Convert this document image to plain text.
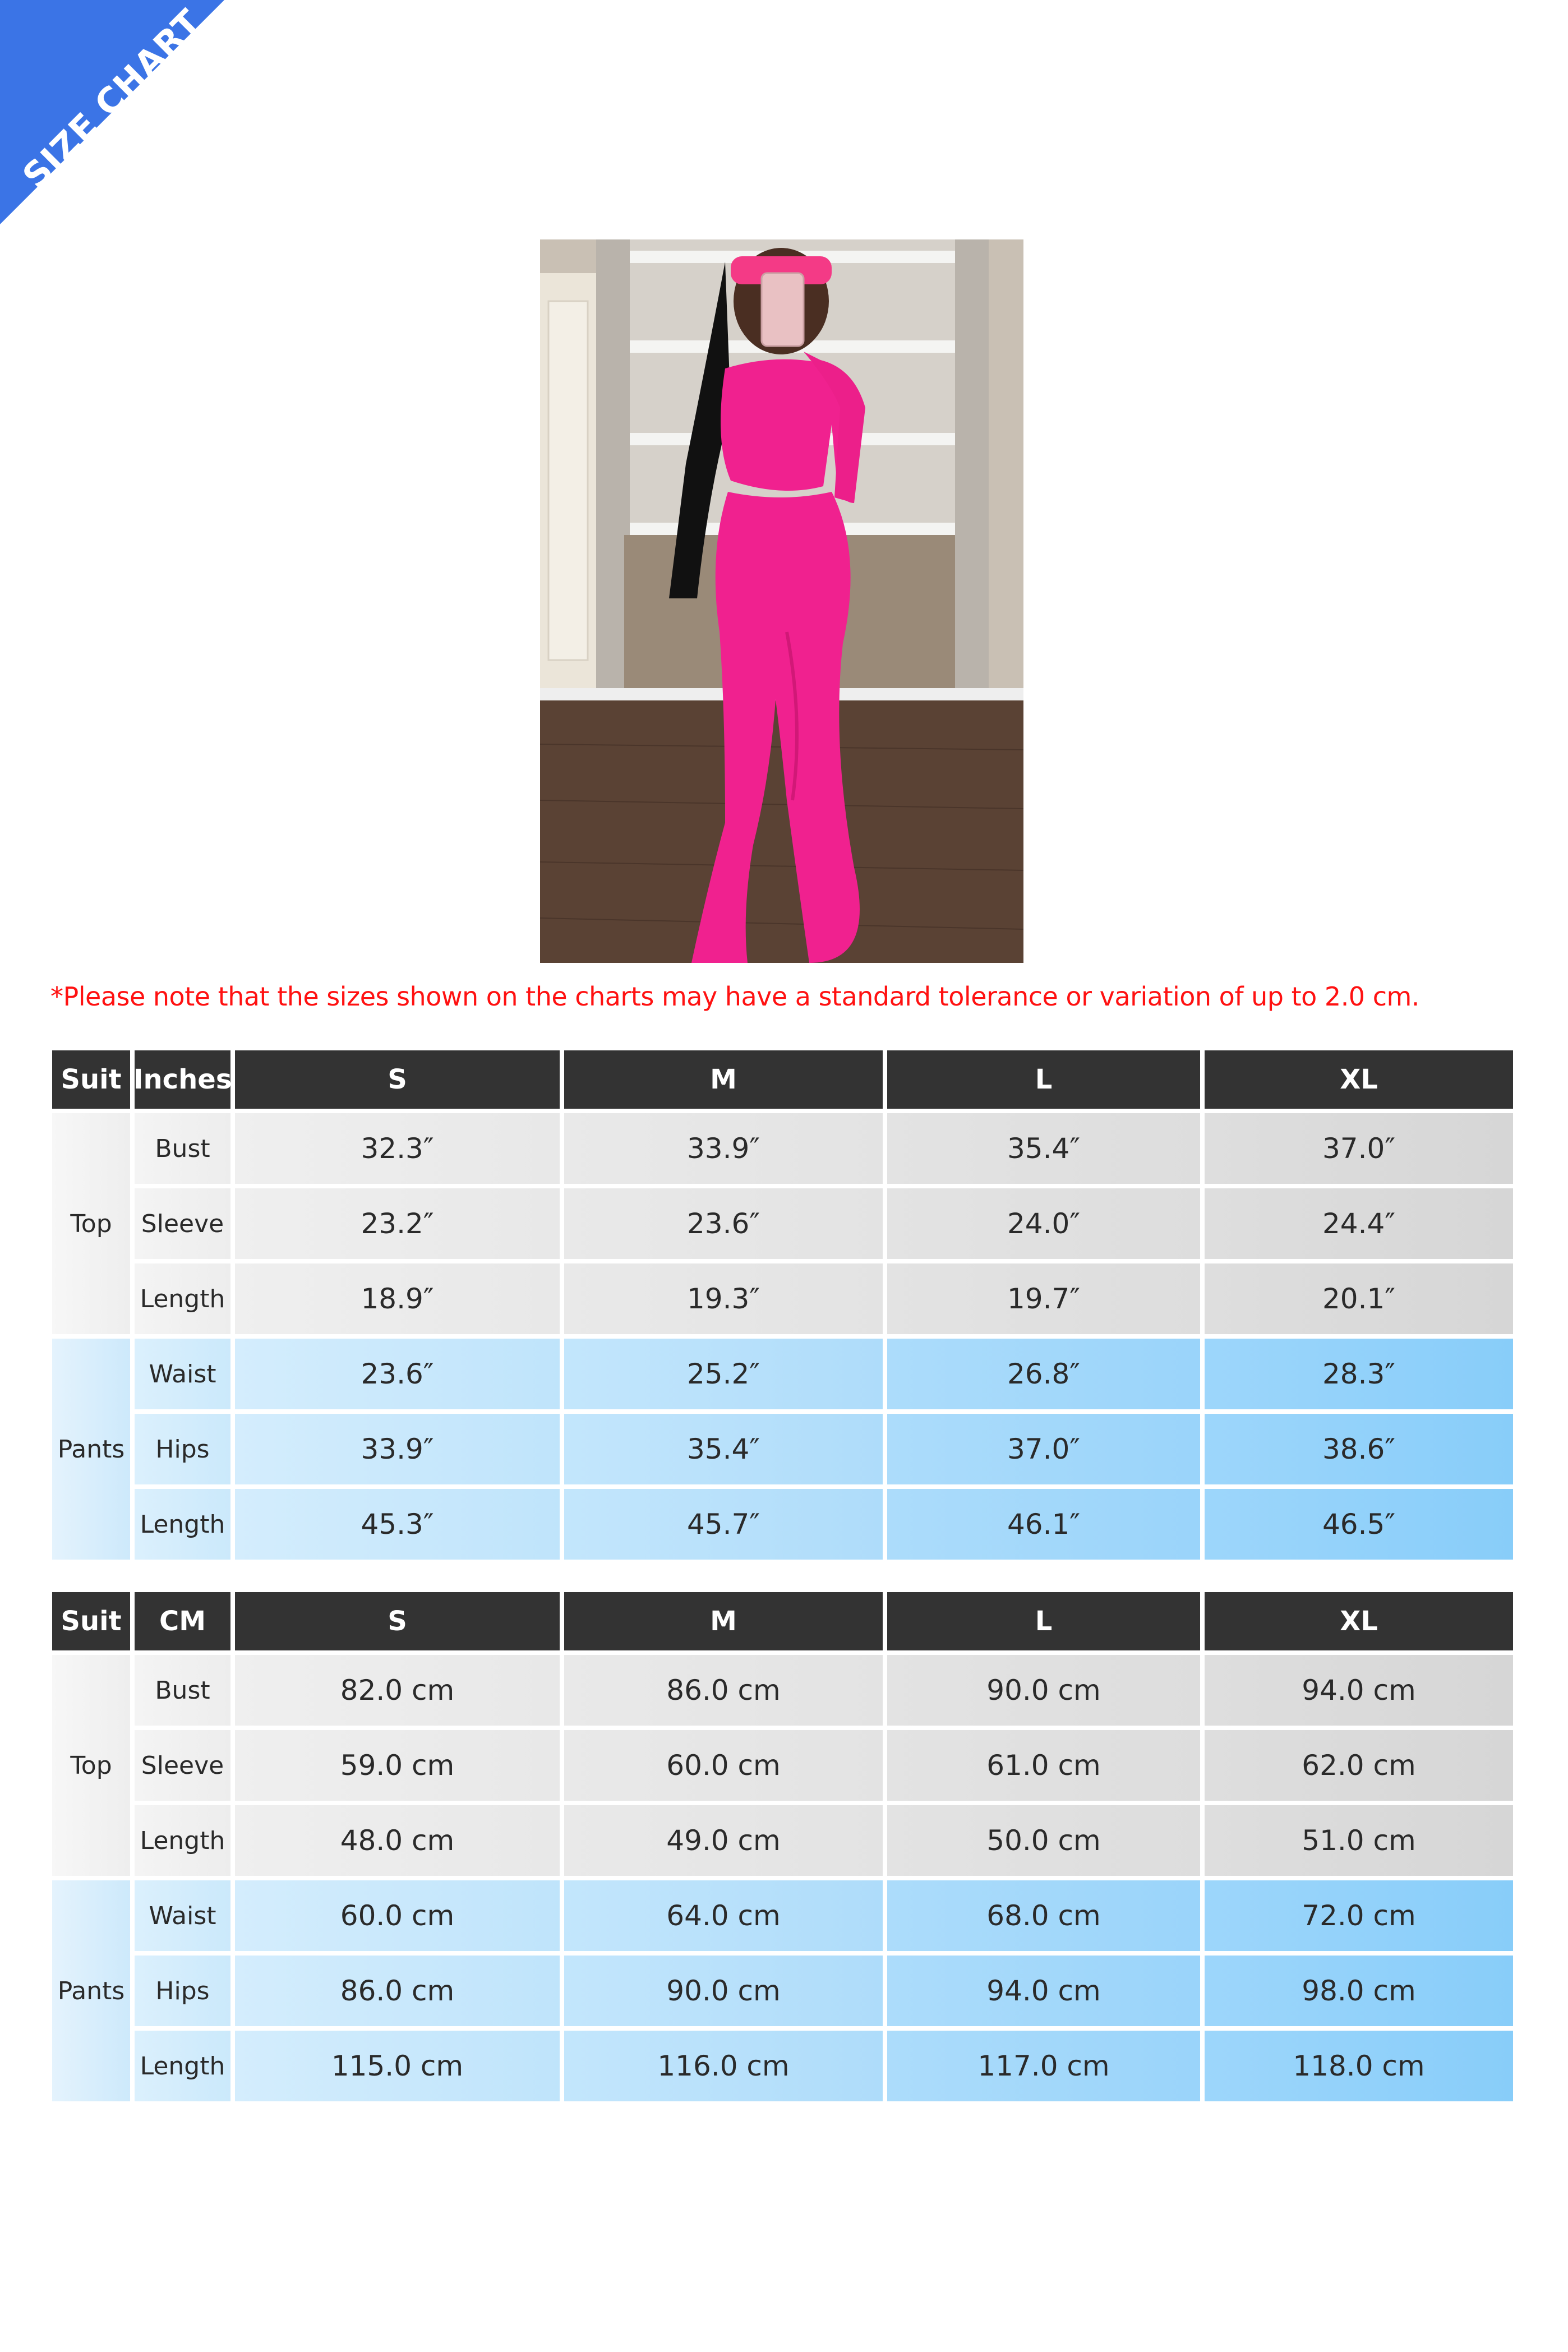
SIZE CHART
*Please note that the sizes shown on the charts may have a standard tolerance or variation of up to 2.0 cm.
Suit Inches	S	M	L	XL
Top
Bust	32.3″	33.9″	35.4″	37.0″
Sleeve	23.2″	23.6″	24.0″	24.4″
Length	18.9″	19.3″	19.7″	20.1″
Pants
Waist	23.6″	25.2″	26.8″	28.3″
Hips	33.9″	35.4″	37.0″	38.6″
Length	45.3″	45.7″	46.1″	46.5″
Suit	CM	S	M	L	XL
Top
Bust	82.0 cm	86.0 cm	90.0 cm	94.0 cm
Sleeve	59.0 cm	60.0 cm	61.0 cm	62.0 cm
Length	48.0 cm	49.0 cm	50.0 cm	51.0 cm
Pants
Waist	60.0 cm	64.0 cm	68.0 cm	72.0 cm
Hips	86.0 cm	90.0 cm	94.0 cm	98.0 cm
Length	115.0 cm	116.0 cm	117.0 cm	118.0 cm
